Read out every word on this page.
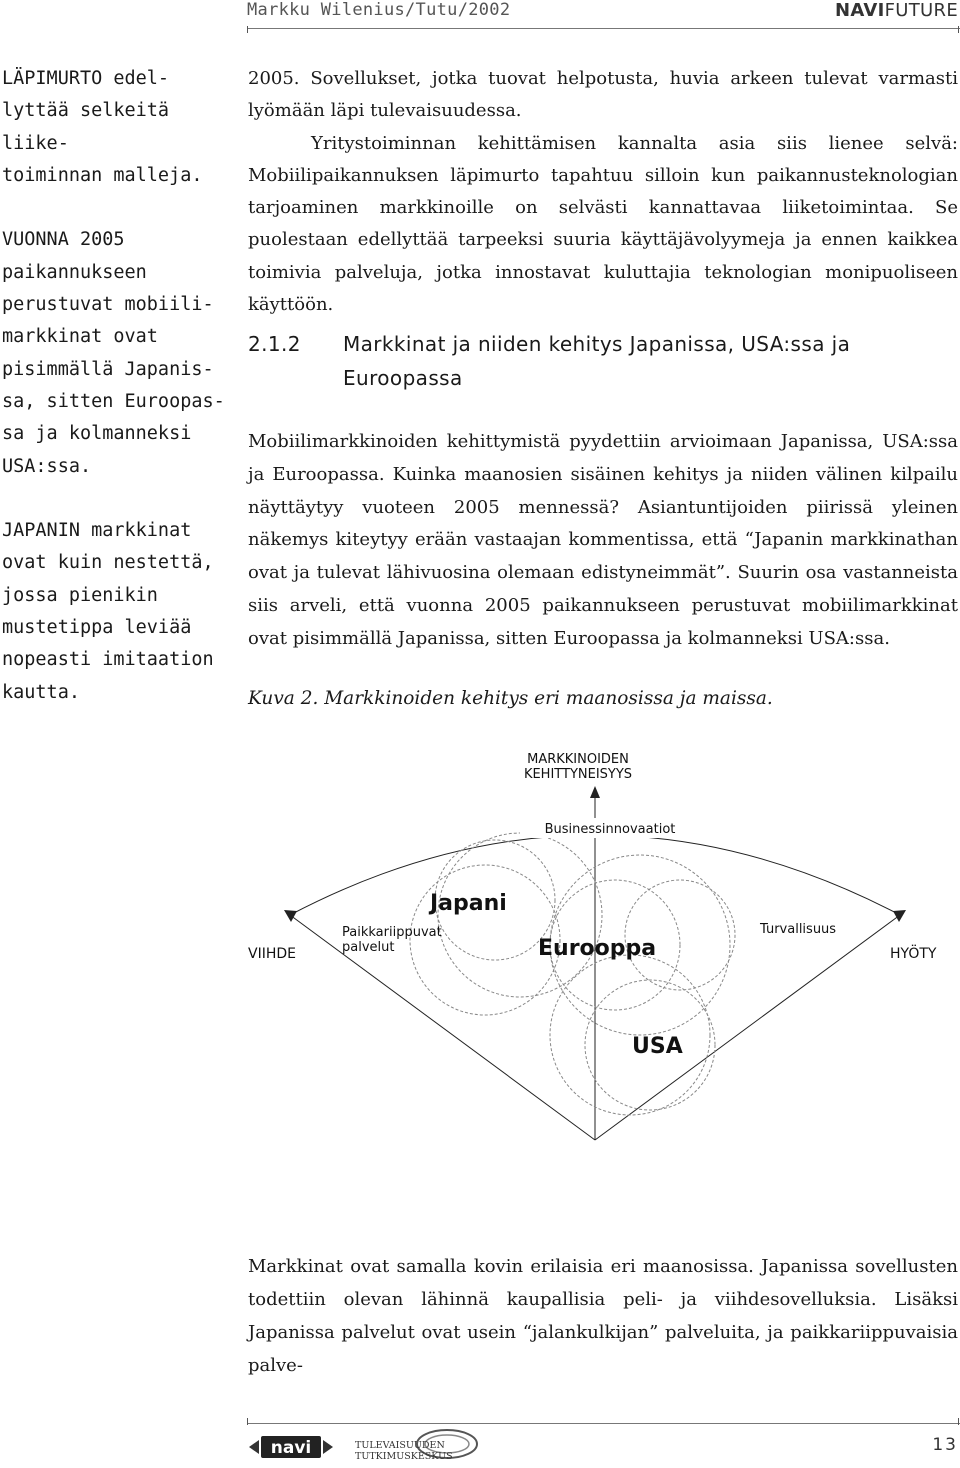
Markku Wilenius/Tutu/2002	NAVIFUTURE
LÄPIMURTO edel-
lyttää selkeitä liike-
toiminnan malleja.
VUONNA 2005
paikannukseen
perustuvat mobiili-
markkinat ovat
pisimmällä Japanis-
sa, sitten Euroopas-
sa ja kolmanneksi
USA:ssa.
JAPANIN markkinat
ovat kuin nestettä,
jossa pienikin
mustetippa leviää
nopeasti imitaation
kautta.

2005. Sovellukset, jotka tuovat helpotusta, huvia arkeen tulevat varmasti lyömään läpi tulevaisuudessa.

Yritystoiminnan kehittämisen kannalta asia siis lienee selvä: Mobiilipaikannuksen läpimurto tapahtuu silloin kun paikannusteknologian tarjoaminen markkinoille on selvästi kannattavaa liiketoimintaa. Se puolestaan edellyttää tarpeeksi suuria käyttäjävolyymeja ja ennen kaikkea toimivia palveluja, jotka innostavat kuluttajia teknologian monipuoliseen käyttöön.

2.1.2 Markkinat ja niiden kehitys Japanissa, USA:ssa ja
Euroopassa
Mobiilimarkkinoiden kehittymistä pyydettiin arvioimaan Japanissa, USA:ssa ja Euroopassa. Kuinka maanosien sisäinen kehitys ja niiden välinen kilpailu näyttäytyy vuoteen 2005 mennessä? Asiantuntijoiden piirissä yleinen näkemys kiteytyy erään vastaajan kommentissa, että “Japanin markkinathan ovat ja tulevat lähivuosina olemaan edistyneimmät”. Suurin osa vastanneista siis arveli, että vuonna 2005 paikannukseen perustuvat mobiilimarkkinat ovat pisimmällä Japanissa, sitten Euroopassa ja kolmanneksi USA:ssa.
Kuva 2. Markkinoiden kehitys eri maanosissa ja maissa.
MARKKINOIDEN
KEHITTYNEISYYS
Businessinnovaatiot
VIIHDE	HYÖTY
Paikkariippuvat
palvelut
Turvallisuus
Japani
Eurooppa
USA
Markkinat ovat samalla kovin erilaisia eri maanosissa. Japanissa sovellusten todettiin olevan lähinnä kaupallisia peli- ja viihdesovelluksia. Lisäksi Japanissa palvelut ovat usein “jalankulkijan” palveluita, ja paikkariippuvaisia palve-
navi	TULEVAISUUDEN
TUTKIMUSKESKUS
13
